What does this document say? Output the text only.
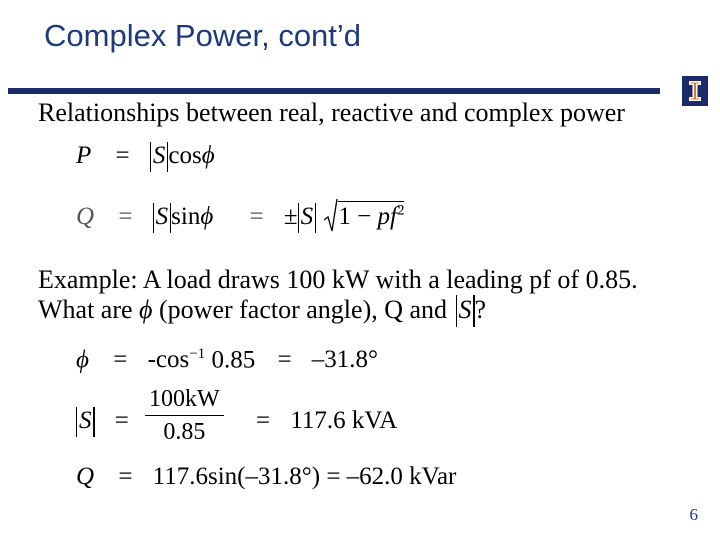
Complex Power, cont’d
Relationships between real, reactive and complex power
P = S cosϕ
Q = S sinϕ = ± S $1 - pf^2$
Example: A load draws 100 kW with a leading pf of 0.85.
What are ϕ (power factor angle), Q and S ?
$\phi = -\cos^{-1}$ 0.85 = –31.8°
$S = \frac{100kW}{0.85} = 117.6$ kVA
Q = 117.6sin(–31.8°) = –62.0 kVar
6
